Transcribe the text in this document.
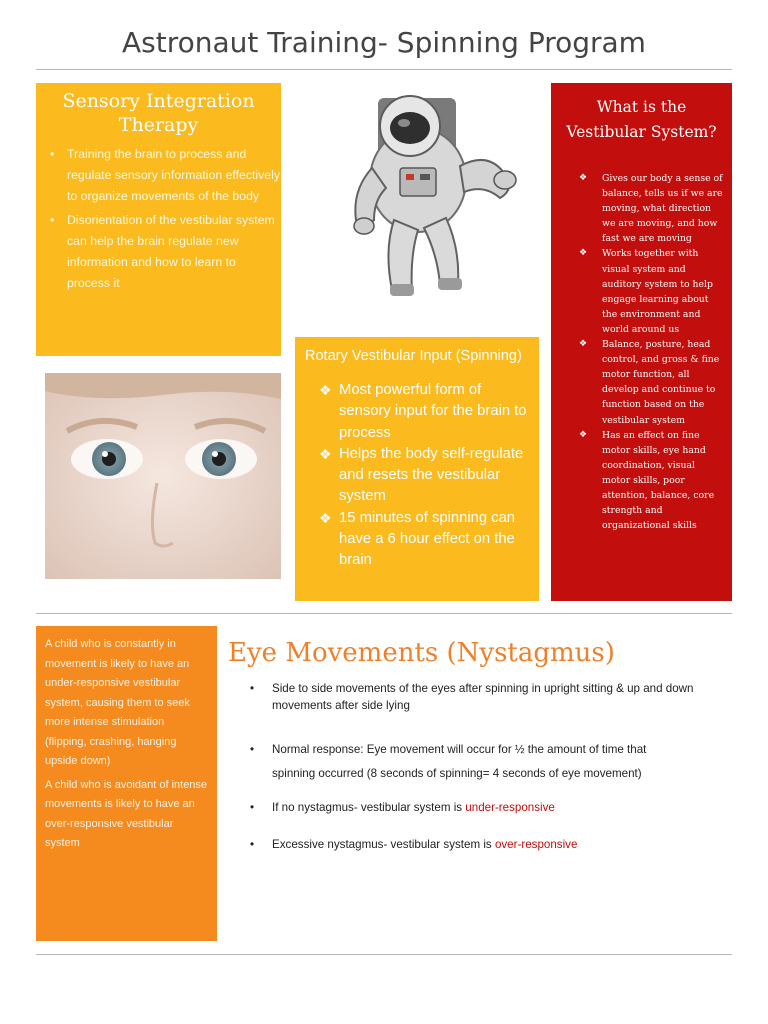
Astronaut Training- Spinning Program
Sensory Integration Therapy
• Training the brain to process and regulate sensory information effectively to organize movements of the body
• Disorientation of the vestibular system can help the brain regulate new information and how to learn to process it
Rotary Vestibular Input (Spinning)
❖ Most powerful form of sensory input for the brain to process
❖ Helps the body self-regulate and resets the vestibular system
❖ 15 minutes of spinning can have a 6 hour effect on the brain
What is the Vestibular System?
❖ Gives our body a sense of balance, tells us if we are moving, what direction we are moving, and how fast we are moving
❖ Works together with visual system and auditory system to help engage learning about the environment and world around us
❖ Balance, posture, head control, and gross & fine motor function, all develop and continue to function based on the vestibular system
❖ Has an effect on fine motor skills, eye hand coordination, visual motor skills, poor attention, balance, core strength and organizational skills

A child who is constantly in movement is likely to have an under-responsive vestibular system, causing them to seek more intense stimulation (flipping, crashing, hanging upside down)

A child who is avoidant of intense movements is likely to have an over-responsive vestibular system

Eye Movements (Nystagmus)
• Side to side movements of the eyes after spinning in upright sitting & up and down movements after side lying
• Normal response: Eye movement will occur for ½ the amount of time that
spinning occurred (8 seconds of spinning= 4 seconds of eye movement)
• If no nystagmus- vestibular system is under-responsive
• Excessive nystagmus- vestibular system is over-responsive
